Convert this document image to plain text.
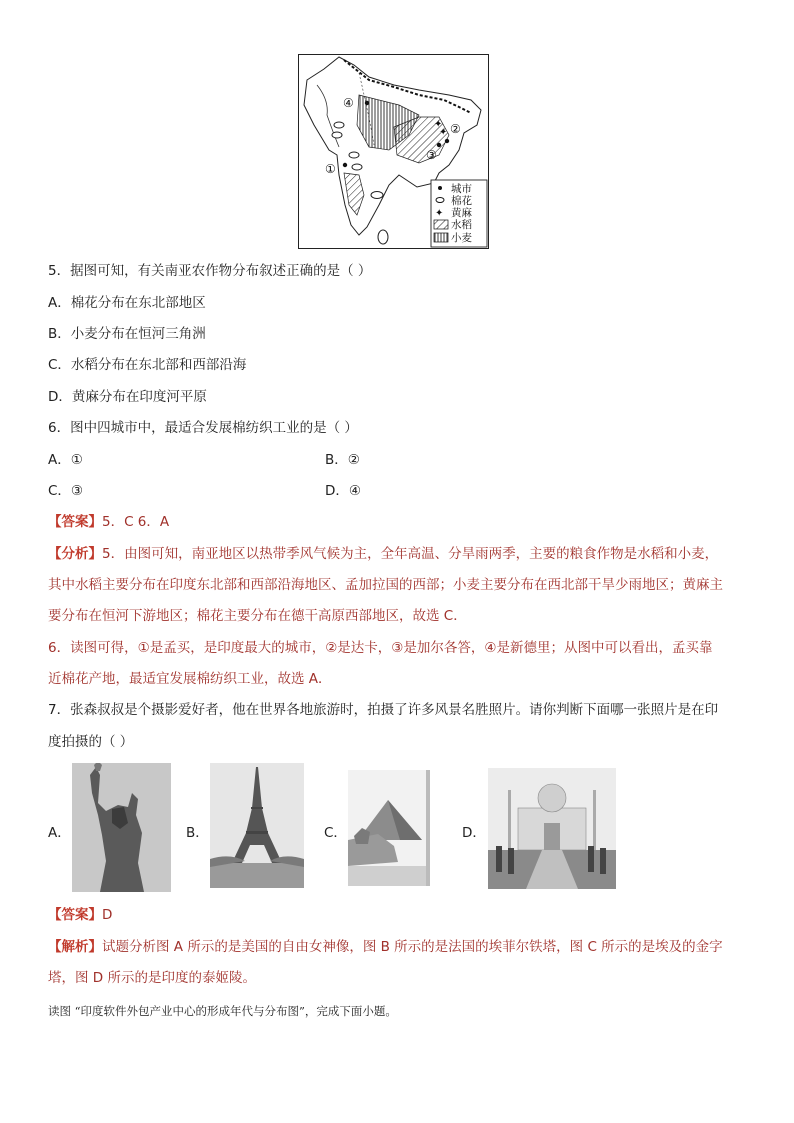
✦
✦
①
②
③
④
城市
棉花
✦ 黄麻
水稻
小麦
5．据图可知，有关南亚农作物分布叙述正确的是（ ）
A．棉花分布在东北部地区
B．小麦分布在恒河三角洲
C．水稻分布在东北部和西部沿海
D．黄麻分布在印度河平原
6．图中四城市中，最适合发展棉纺织工业的是（ ）
A．①	B．②
C．③	D．④
【答案】5．C 6．A
【分析】5．由图可知，南亚地区以热带季风气候为主，全年高温、分旱雨两季，主要的粮食作物是水稻和小麦，
其中水稻主要分布在印度东北部和西部沿海地区、孟加拉国的西部；小麦主要分布在西北部干旱少雨地区；黄麻主
要分布在恒河下游地区；棉花主要分布在德干高原西部地区，故选 C．
6．读图可得，①是孟买，是印度最大的城市，②是达卡，③是加尔各答，④是新德里；从图中可以看出，孟买靠
近棉花产地，最适宜发展棉纺织工业，故选 A．
7．张森叔叔是个摄影爱好者，他在世界各地旅游时，拍摄了许多风景名胜照片。请你判断下面哪一张照片是在印
度拍摄的（ ）
A．	B．	C．	D．
【答案】D
【解析】试题分析图 A 所示的是美国的自由女神像，图 B 所示的是法国的埃菲尔铁塔，图 C 所示的是埃及的金字
塔，图 D 所示的是印度的泰姬陵。
读图 “印度软件外包产业中心的形成年代与分布图”，完成下面小题。
